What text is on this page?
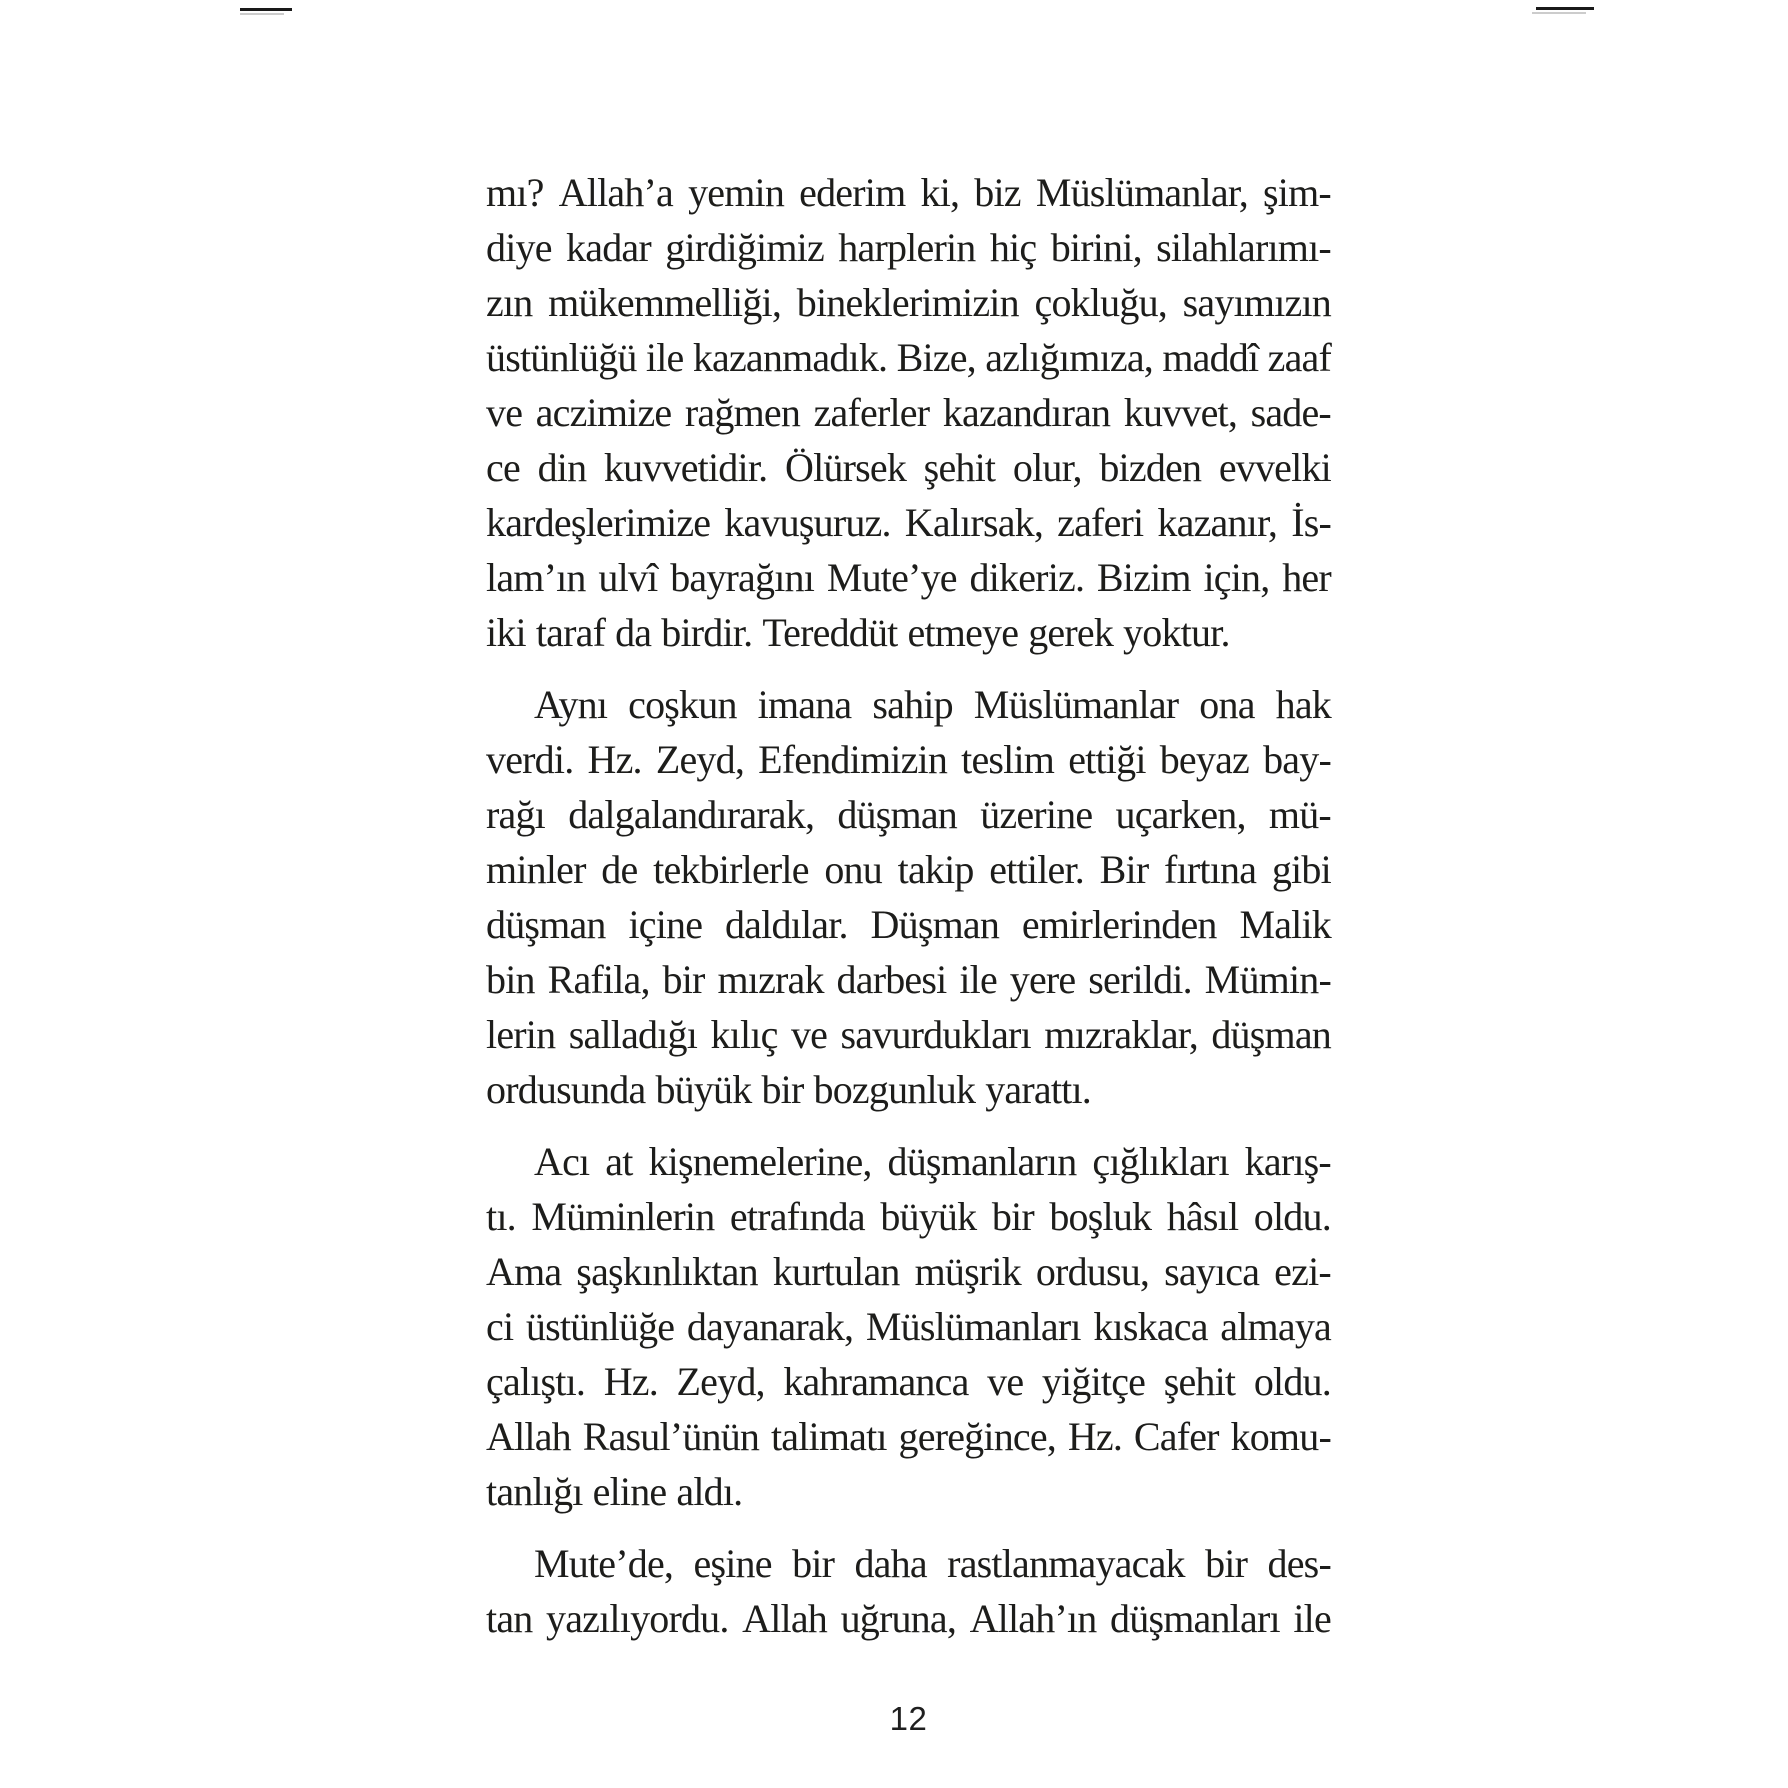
mı? Allah’a yemin ederim ki, biz Müslümanlar, şim-
diye kadar girdiğimiz harplerin hiç birini, silahlarımı-
zın mükemmelliği, bineklerimizin çokluğu, sayımızın
üstünlüğü ile kazanmadık. Bize, azlığımıza, maddî zaaf
ve aczimize rağmen zaferler kazandıran kuvvet, sade-
ce din kuvvetidir. Ölürsek şehit olur, bizden evvelki
kardeşlerimize kavuşuruz. Kalırsak, zaferi kazanır, İs-
lam’ın ulvî bayrağını Mute’ye dikeriz. Bizim için, her
iki taraf da birdir. Tereddüt etmeye gerek yoktur.
Aynı coşkun imana sahip Müslümanlar ona hak
verdi. Hz. Zeyd, Efendimizin teslim ettiği beyaz bay-
rağı dalgalandırarak, düşman üzerine uçarken, mü-
minler de tekbirlerle onu takip ettiler. Bir fırtına gibi
düşman içine daldılar. Düşman emirlerinden Malik
bin Rafila, bir mızrak darbesi ile yere serildi. Mümin-
lerin salladığı kılıç ve savurdukları mızraklar, düşman
ordusunda büyük bir bozgunluk yarattı.
Acı at kişnemelerine, düşmanların çığlıkları karış-
tı. Müminlerin etrafında büyük bir boşluk hâsıl oldu.
Ama şaşkınlıktan kurtulan müşrik ordusu, sayıca ezi-
ci üstünlüğe dayanarak, Müslümanları kıskaca almaya
çalıştı. Hz. Zeyd, kahramanca ve yiğitçe şehit oldu.
Allah Rasul’ünün talimatı gereğince, Hz. Cafer komu-
tanlığı eline aldı.
Mute’de, eşine bir daha rastlanmayacak bir des-
tan yazılıyordu. Allah uğruna, Allah’ın düşmanları ile
12
